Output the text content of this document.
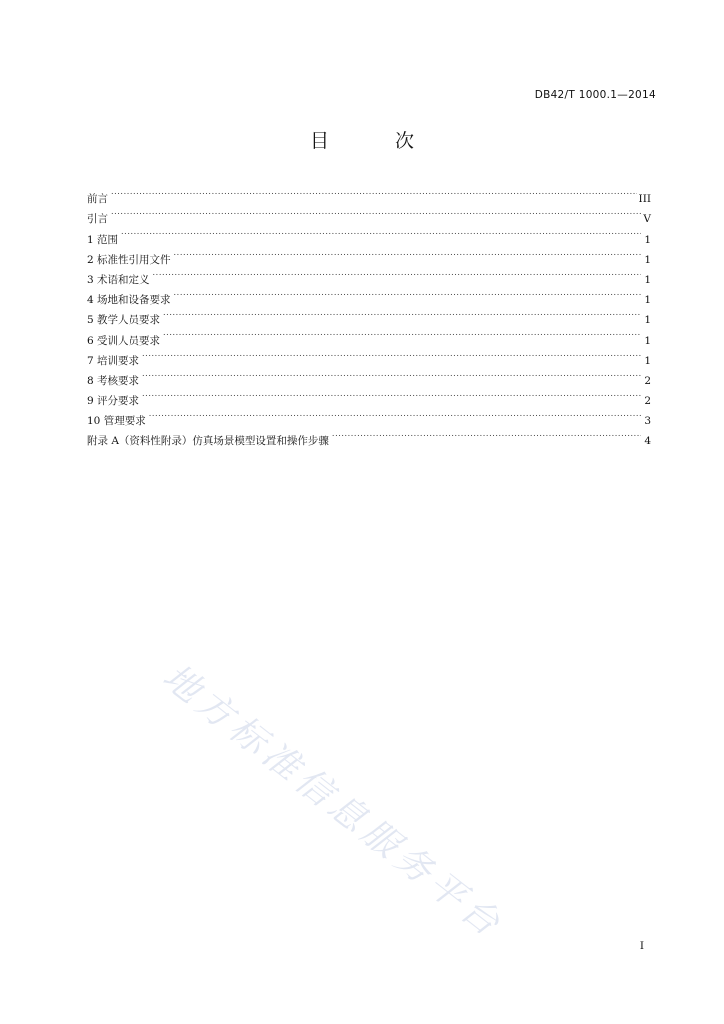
DB42/T 1000.1—2014
目 次
前言 .....	III
引言 .....	V
1 范围 .....	1
2 标准性引用文件 .....	1
3 术语和定义 .....	1
4 场地和设备要求 .....	1
5 教学人员要求 .....	1
6 受训人员要求 .....	1
7 培训要求 .....	1
8 考核要求 .....	2
9 评分要求 .....	2
10 管理要求 .....	3
附录 A（资料性附录）仿真场景模型设置和操作步骤 .....	4
地方标准信息服务平台	I
